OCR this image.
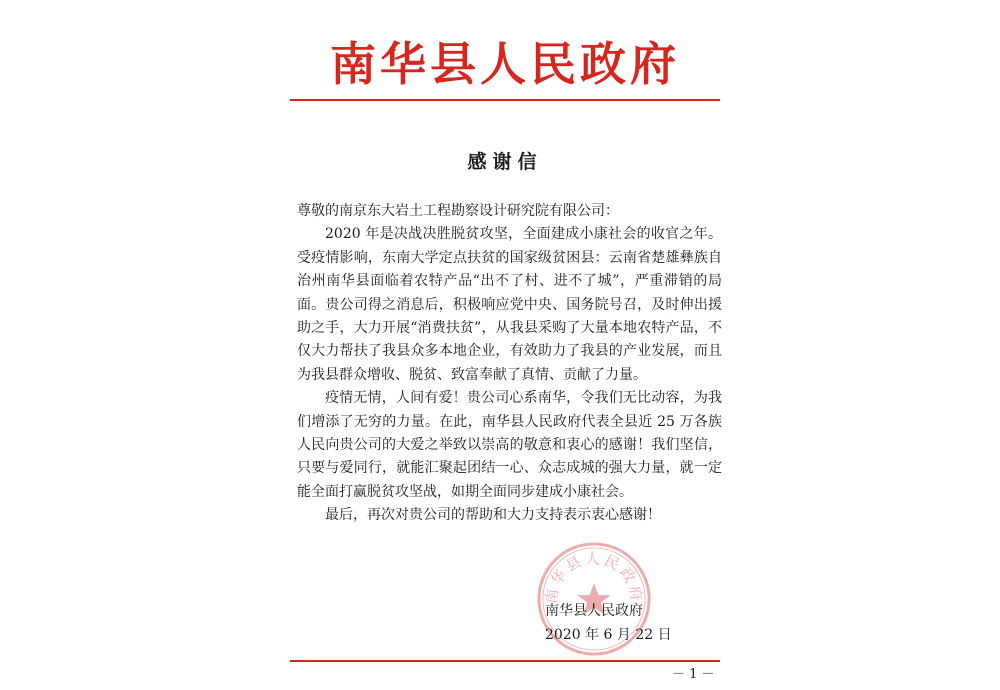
南华县人民政府
感谢信

尊敬的南京东大岩土工程勘察设计研究院有限公司：

2020 年是决战决胜脱贫攻坚，全面建成小康社会的收官之年。受疫情影响，东南大学定点扶贫的国家级贫困县：云南省楚雄彝族自治州南华县面临着农特产品“出不了村、进不了城”，严重滞销的局面。贵公司得之消息后，积极响应党中央、国务院号召，及时伸出援助之手，大力开展“消费扶贫”，从我县采购了大量本地农特产品，不仅大力帮扶了我县众多本地企业，有效助力了我县的产业发展，而且为我县群众增收、脱贫、致富奉献了真情、贡献了力量。

疫情无情，人间有爱！贵公司心系南华，令我们无比动容，为我们增添了无穷的力量。在此，南华县人民政府代表全县近 25 万各族人民向贵公司的大爱之举致以崇高的敬意和衷心的感谢！我们坚信，只要与爱同行，就能汇聚起团结一心、众志成城的强大力量，就一定能全面打赢脱贫攻坚战，如期全面同步建成小康社会。

最后，再次对贵公司的帮助和大力支持表示衷心感谢！

南华县人民政府
南华县人民政府
2020 年 6 月 22 日
－ 1 －
